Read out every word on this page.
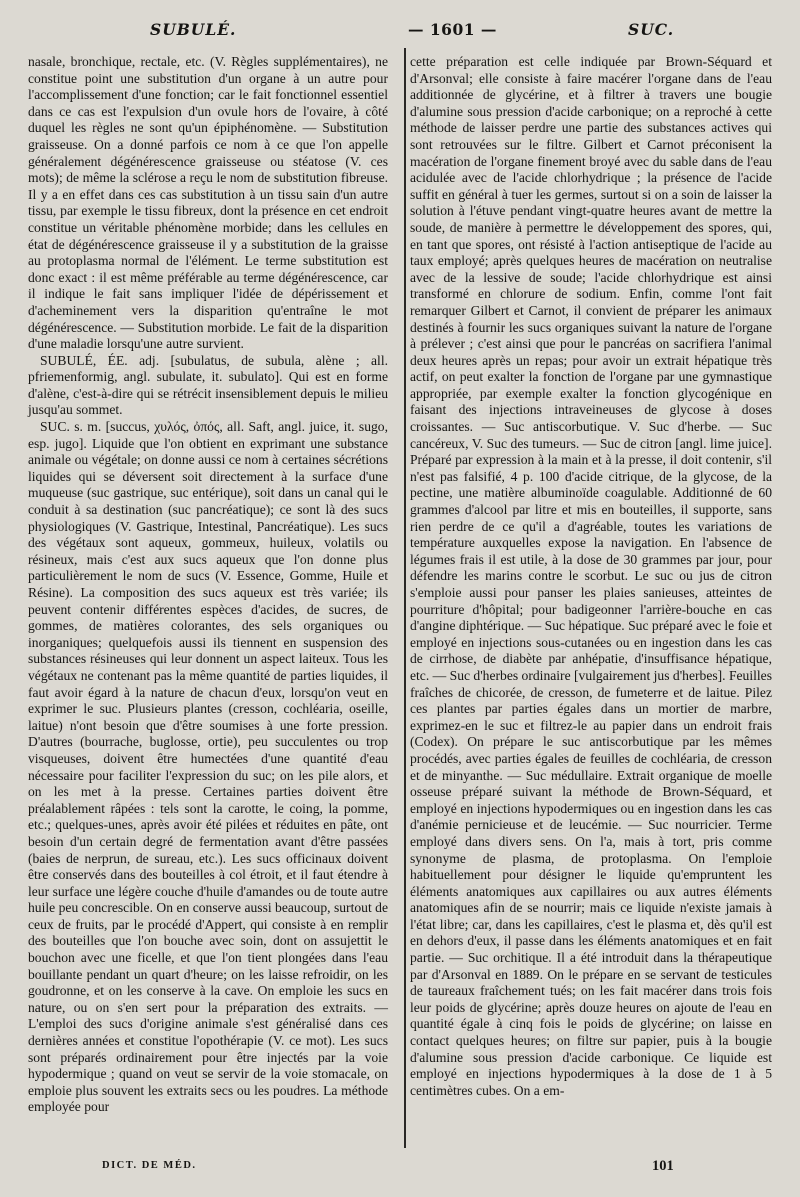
SUBULÉ.	— 1601 —	SUC.

nasale, bronchique, rectale, etc. (V. Règles supplémentaires), ne constitue point une substitution d'un organe à un autre pour l'accomplissement d'une fonction; car le fait fonctionnel essentiel dans ce cas est l'expulsion d'un ovule hors de l'ovaire, à côté duquel les règles ne sont qu'un épiphénomène. — Substitution graisseuse. On a donné parfois ce nom à ce que l'on appelle généralement dégénérescence graisseuse ou stéatose (V. ces mots); de même la sclérose a reçu le nom de substitution fibreuse. Il y a en effet dans ces cas substitution à un tissu sain d'un autre tissu, par exemple le tissu fibreux, dont la présence en cet endroit constitue un véritable phénomène morbide; dans les cellules en état de dégénérescence graisseuse il y a substitution de la graisse au protoplasma normal de l'élément. Le terme substitution est donc exact : il est même préférable au terme dégénérescence, car il indique le fait sans impliquer l'idée de dépérissement et d'acheminement vers la disparition qu'entraîne le mot dégénérescence. — Substitution morbide. Le fait de la disparition d'une maladie lorsqu'une autre survient.

SUBULÉ, ÉE. adj. [subulatus, de subula, alène ; all. pfriemenformig, angl. subulate, it. subulato]. Qui est en forme d'alène, c'est-à-dire qui se rétrécit insensiblement depuis le milieu jusqu'au sommet.

SUC. s. m. [succus, χυλός, ὀπός, all. Saft, angl. juice, it. sugo, esp. jugo]. Liquide que l'on obtient en exprimant une substance animale ou végétale; on donne aussi ce nom à certaines sécrétions liquides qui se déversent soit directement à la surface d'une muqueuse (suc gastrique, suc entérique), soit dans un canal qui le conduit à sa destination (suc pancréatique); ce sont là des sucs physiologiques (V. Gastrique, Intestinal, Pancréatique). Les sucs des végétaux sont aqueux, gommeux, huileux, volatils ou résineux, mais c'est aux sucs aqueux que l'on donne plus particulièrement le nom de sucs (V. Essence, Gomme, Huile et Résine). La composition des sucs aqueux est très variée; ils peuvent contenir différentes espèces d'acides, de sucres, de gommes, de matières colorantes, des sels organiques ou inorganiques; quelquefois aussi ils tiennent en suspension des substances résineuses qui leur donnent un aspect laiteux. Tous les végétaux ne contenant pas la même quantité de parties liquides, il faut avoir égard à la nature de chacun d'eux, lorsqu'on veut en exprimer le suc. Plusieurs plantes (cresson, cochléaria, oseille, laitue) n'ont besoin que d'être soumises à une forte pression. D'autres (bourrache, buglosse, ortie), peu succulentes ou trop visqueuses, doivent être humectées d'une quantité d'eau nécessaire pour faciliter l'expression du suc; on les pile alors, et on les met à la presse. Certaines parties doivent être préalablement râpées : tels sont la carotte, le coing, la pomme, etc.; quelques-unes, après avoir été pilées et réduites en pâte, ont besoin d'un certain degré de fermentation avant d'être passées (baies de nerprun, de sureau, etc.). Les sucs officinaux doivent être conservés dans des bouteilles à col étroit, et il faut étendre à leur surface une légère couche d'huile d'amandes ou de toute autre huile peu concrescible. On en conserve aussi beaucoup, surtout de ceux de fruits, par le procédé d'Appert, qui consiste à en remplir des bouteilles que l'on bouche avec soin, dont on assujettit le bouchon avec une ficelle, et que l'on tient plongées dans l'eau bouillante pendant un quart d'heure; on les laisse refroidir, on les goudronne, et on les conserve à la cave. On emploie les sucs en nature, ou on s'en sert pour la préparation des extraits. — L'emploi des sucs d'origine animale s'est généralisé dans ces dernières années et constitue l'opothérapie (V. ce mot). Les sucs sont préparés ordinairement pour être injectés par la voie hypodermique ; quand on veut se servir de la voie stomacale, on emploie plus souvent les extraits secs ou les poudres. La méthode employée pour

cette préparation est celle indiquée par Brown-Séquard et d'Arsonval; elle consiste à faire macérer l'organe dans de l'eau additionnée de glycérine, et à filtrer à travers une bougie d'alumine sous pression d'acide carbonique; on a reproché à cette méthode de laisser perdre une partie des substances actives qui sont retrouvées sur le filtre. Gilbert et Carnot préconisent la macération de l'organe finement broyé avec du sable dans de l'eau acidulée avec de l'acide chlorhydrique ; la présence de l'acide suffit en général à tuer les germes, surtout si on a soin de laisser la solution à l'étuve pendant vingt-quatre heures avant de mettre la soude, de manière à permettre le développement des spores, qui, en tant que spores, ont résisté à l'action antiseptique de l'acide au taux employé; après quelques heures de macération on neutralise avec de la lessive de soude; l'acide chlorhydrique est ainsi transformé en chlorure de sodium. Enfin, comme l'ont fait remarquer Gilbert et Carnot, il convient de préparer les animaux destinés à fournir les sucs organiques suivant la nature de l'organe à prélever ; c'est ainsi que pour le pancréas on sacrifiera l'animal deux heures après un repas; pour avoir un extrait hépatique très actif, on peut exalter la fonction de l'organe par une gymnastique appropriée, par exemple exalter la fonction glycogénique en faisant des injections intraveineuses de glycose à doses croissantes. — Suc antiscorbutique. V. Suc d'herbe. — Suc cancéreux, V. Suc des tumeurs. — Suc de citron [angl. lime juice]. Préparé par expression à la main et à la presse, il doit contenir, s'il n'est pas falsifié, 4 p. 100 d'acide citrique, de la glycose, de la pectine, une matière albuminoïde coagulable. Additionné de 60 grammes d'alcool par litre et mis en bouteilles, il supporte, sans rien perdre de ce qu'il a d'agréable, toutes les variations de température auxquelles expose la navigation. En l'absence de légumes frais il est utile, à la dose de 30 grammes par jour, pour défendre les marins contre le scorbut. Le suc ou jus de citron s'emploie aussi pour panser les plaies sanieuses, atteintes de pourriture d'hôpital; pour badigeonner l'arrière-bouche en cas d'angine diphtérique. — Suc hépatique. Suc préparé avec le foie et employé en injections sous-cutanées ou en ingestion dans les cas de cirrhose, de diabète par anhépatie, d'insuffisance hépatique, etc. — Suc d'herbes ordinaire [vulgairement jus d'herbes]. Feuilles fraîches de chicorée, de cresson, de fumeterre et de laitue. Pilez ces plantes par parties égales dans un mortier de marbre, exprimez-en le suc et filtrez-le au papier dans un endroit frais (Codex). On prépare le suc antiscorbutique par les mêmes procédés, avec parties égales de feuilles de cochléaria, de cresson et de minyanthe. — Suc médullaire. Extrait organique de moelle osseuse préparé suivant la méthode de Brown-Séquard, et employé en injections hypodermiques ou en ingestion dans les cas d'anémie pernicieuse et de leucémie. — Suc nourricier. Terme employé dans divers sens. On l'a, mais à tort, pris comme synonyme de plasma, de protoplasma. On l'emploie habituellement pour désigner le liquide qu'empruntent les éléments anatomiques aux capillaires ou aux autres éléments anatomiques afin de se nourrir; mais ce liquide n'existe jamais à l'état libre; car, dans les capillaires, c'est le plasma et, dès qu'il est en dehors d'eux, il passe dans les éléments anatomiques et en fait partie. — Suc orchitique. Il a été introduit dans la thérapeutique par d'Arsonval en 1889. On le prépare en se servant de testicules de taureaux fraîchement tués; on les fait macérer dans trois fois leur poids de glycérine; après douze heures on ajoute de l'eau en quantité égale à cinq fois le poids de glycérine; on laisse en contact quelques heures; on filtre sur papier, puis à la bougie d'alumine sous pression d'acide carbonique. Ce liquide est employé en injections hypodermiques à la dose de 1 à 5 centimètres cubes. On a em-

DICT. DE MÉD.	101
